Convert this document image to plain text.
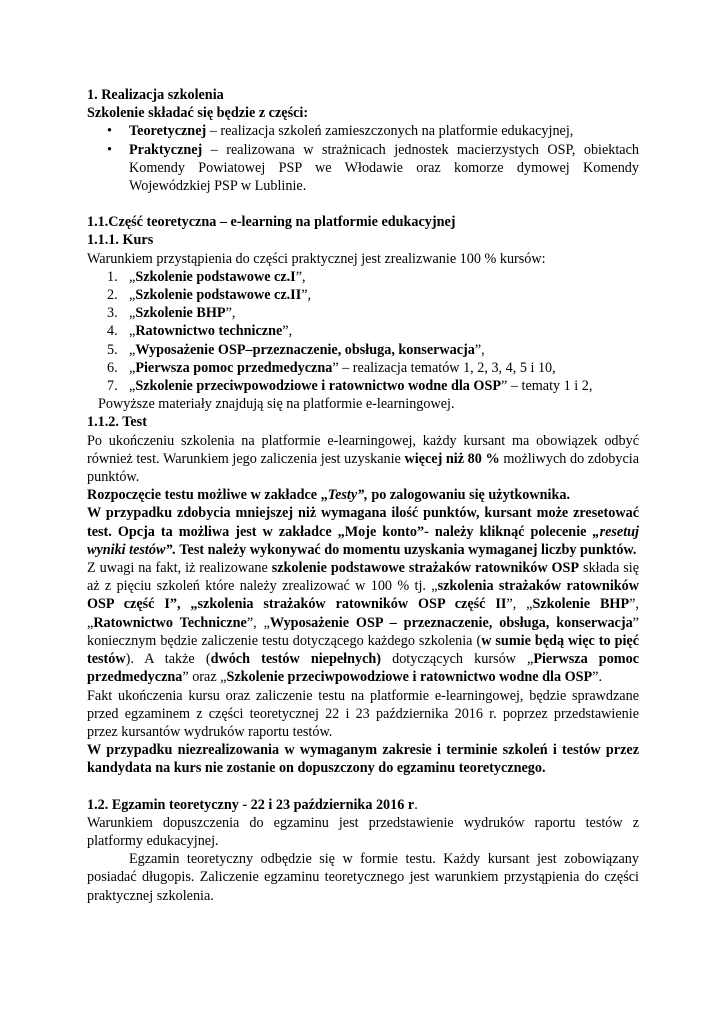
1. Realizacja szkolenia

Szkolenie składać się będzie z części:

• Teoretycznej – realizacja szkoleń zamieszczonych na platformie edukacyjnej,
• Praktycznej – realizowana w strażnicach jednostek macierzystych OSP, obiektach

Komendy Powiatowej PSP we Włodawie oraz komorze dymowej Komendy

Wojewódzkiej PSP w Lublinie.

1.1.Część teoretyczna – e-learning na platformie edukacyjnej

1.1.1. Kurs

Warunkiem przystąpienia do części praktycznej jest zrealizwanie 100 % kursów:

1. „Szkolenie podstawowe cz.I”,
2. „Szkolenie podstawowe cz.II”,
3. „Szkolenie BHP”,
4. „Ratownictwo techniczne”,
5. „Wyposażenie OSP–przeznaczenie, obsługa, konserwacja”,
6. „Pierwsza pomoc przedmedyczna” – realizacja tematów 1, 2, 3, 4, 5 i 10,
7. „Szkolenie przeciwpowodziowe i ratownictwo wodne dla OSP” – tematy 1 i 2,

Powyższe materiały znajdują się na platformie e-learningowej.

1.1.2. Test

Po ukończeniu szkolenia na platformie e-learningowej, każdy kursant ma obowiązek odbyć również test. Warunkiem jego zaliczenia jest uzyskanie więcej niż 80 % możliwych do zdobycia punktów.

Rozpoczęcie testu możliwe w zakładce „Testy”, po zalogowaniu się użytkownika.

W przypadku zdobycia mniejszej niż wymagana ilość punktów, kursant może zresetować test. Opcja ta możliwa jest w zakładce „Moje konto”- należy kliknąć polecenie „resetuj wyniki testów”. Test należy wykonywać do momentu uzyskania wymaganej liczby punktów.

Z uwagi na fakt, iż realizowane szkolenie podstawowe strażaków ratowników OSP składa się aż z pięciu szkoleń które należy zrealizować w 100 % tj. „szkolenia strażaków ratowników OSP część I”, „szkolenia strażaków ratowników OSP część II”, „Szkolenie BHP”, „Ratownictwo Techniczne”, „Wyposażenie OSP – przeznaczenie, obsługa, konserwacja” koniecznym będzie zaliczenie testu dotyczącego każdego szkolenia (w sumie będą więc to pięć testów). A także (dwóch testów niepełnych) dotyczących kursów „Pierwsza pomoc przedmedyczna” oraz „Szkolenie przeciwpowodziowe i ratownictwo wodne dla OSP”.

Fakt ukończenia kursu oraz zaliczenie testu na platformie e-learningowej, będzie sprawdzane przed egzaminem z części teoretycznej 22 i 23 października 2016 r. poprzez przedstawienie przez kursantów wydruków raportu testów.

W przypadku niezrealizowania w wymaganym zakresie i terminie szkoleń i testów przez kandydata na kurs nie zostanie on dopuszczony do egzaminu teoretycznego.

1.2. Egzamin teoretyczny - 22 i 23 października 2016 r.

Warunkiem dopuszczenia do egzaminu jest przedstawienie wydruków raportu testów z platformy edukacyjnej.

Egzamin teoretyczny odbędzie się w formie testu. Każdy kursant jest zobowiązany posiadać długopis. Zaliczenie egzaminu teoretycznego jest warunkiem przystąpienia do części praktycznej szkolenia.
